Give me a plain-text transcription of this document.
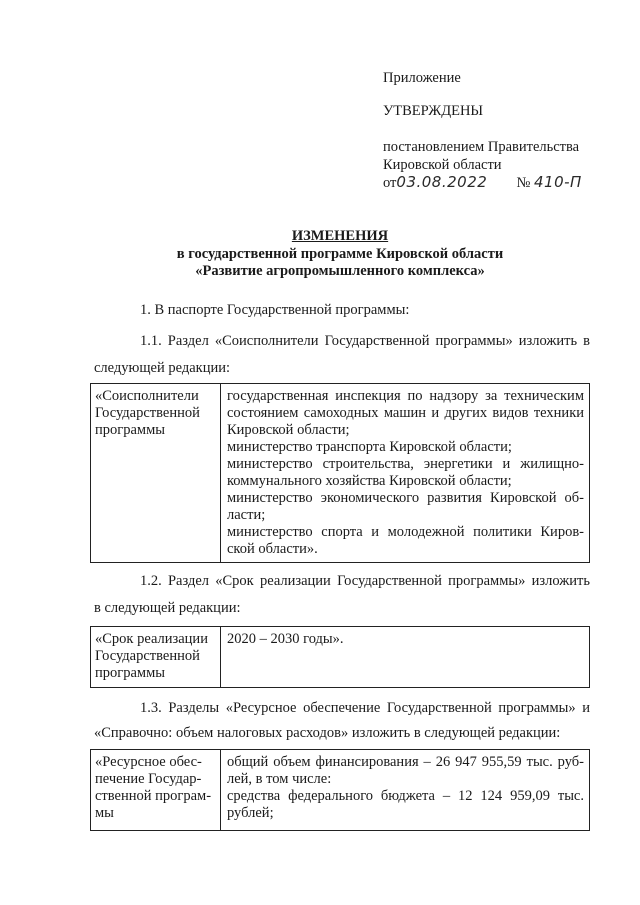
Приложение
УТВЕРЖДЕНЫ
постановлением Правительства
Кировской области
от03.08.2022 № 410-П
ИЗМЕНЕНИЯ
в государственной программе Кировской области
«Развитие агропромышленного комплекса»
1. В паспорте Государственной программы:
1.1. Раздел «Соисполнители Государственной программы» изложить в
следующей редакции:
«Соисполнители
Государственной
программы
государственная инспекция по надзору за техническим
состоянием самоходных машин и других видов техники
Кировской области;
министерство транспорта Кировской области;
министерство строительства, энергетики и жилищно-
коммунального хозяйства Кировской области;
министерство экономического развития Кировской об-
ласти;
министерство спорта и молодежной политики Киров-
ской области».
1.2. Раздел «Срок реализации Государственной программы» изложить
в следующей редакции:
«Срок реализации
Государственной
программы
2020 – 2030 годы».
1.3. Разделы «Ресурсное обеспечение Государственной программы» и
«Справочно: объем налоговых расходов» изложить в следующей редакции:
«Ресурсное обес-
печение Государ-
ственной програм-
мы
общий объем финансирования – 26 947 955,59 тыс. руб-
лей, в том числе:
средства федерального бюджета – 12 124 959,09 тыс.
рублей;
